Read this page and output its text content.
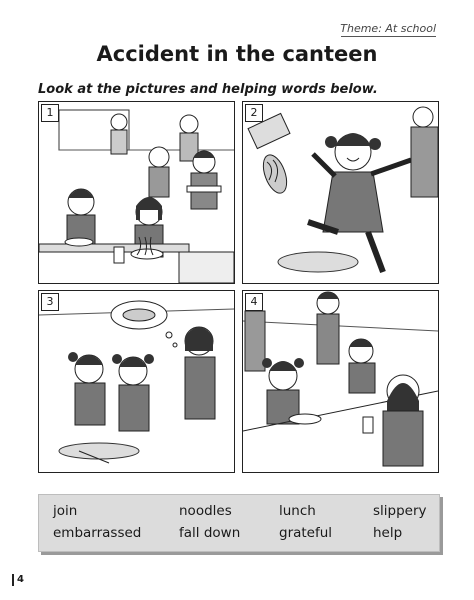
Theme: At school
Accident in the canteen
Look at the pictures and helping words below.
1	2
3	4
join	noodles	lunch	slippery
embarrassed	fall down	grateful	help
4
